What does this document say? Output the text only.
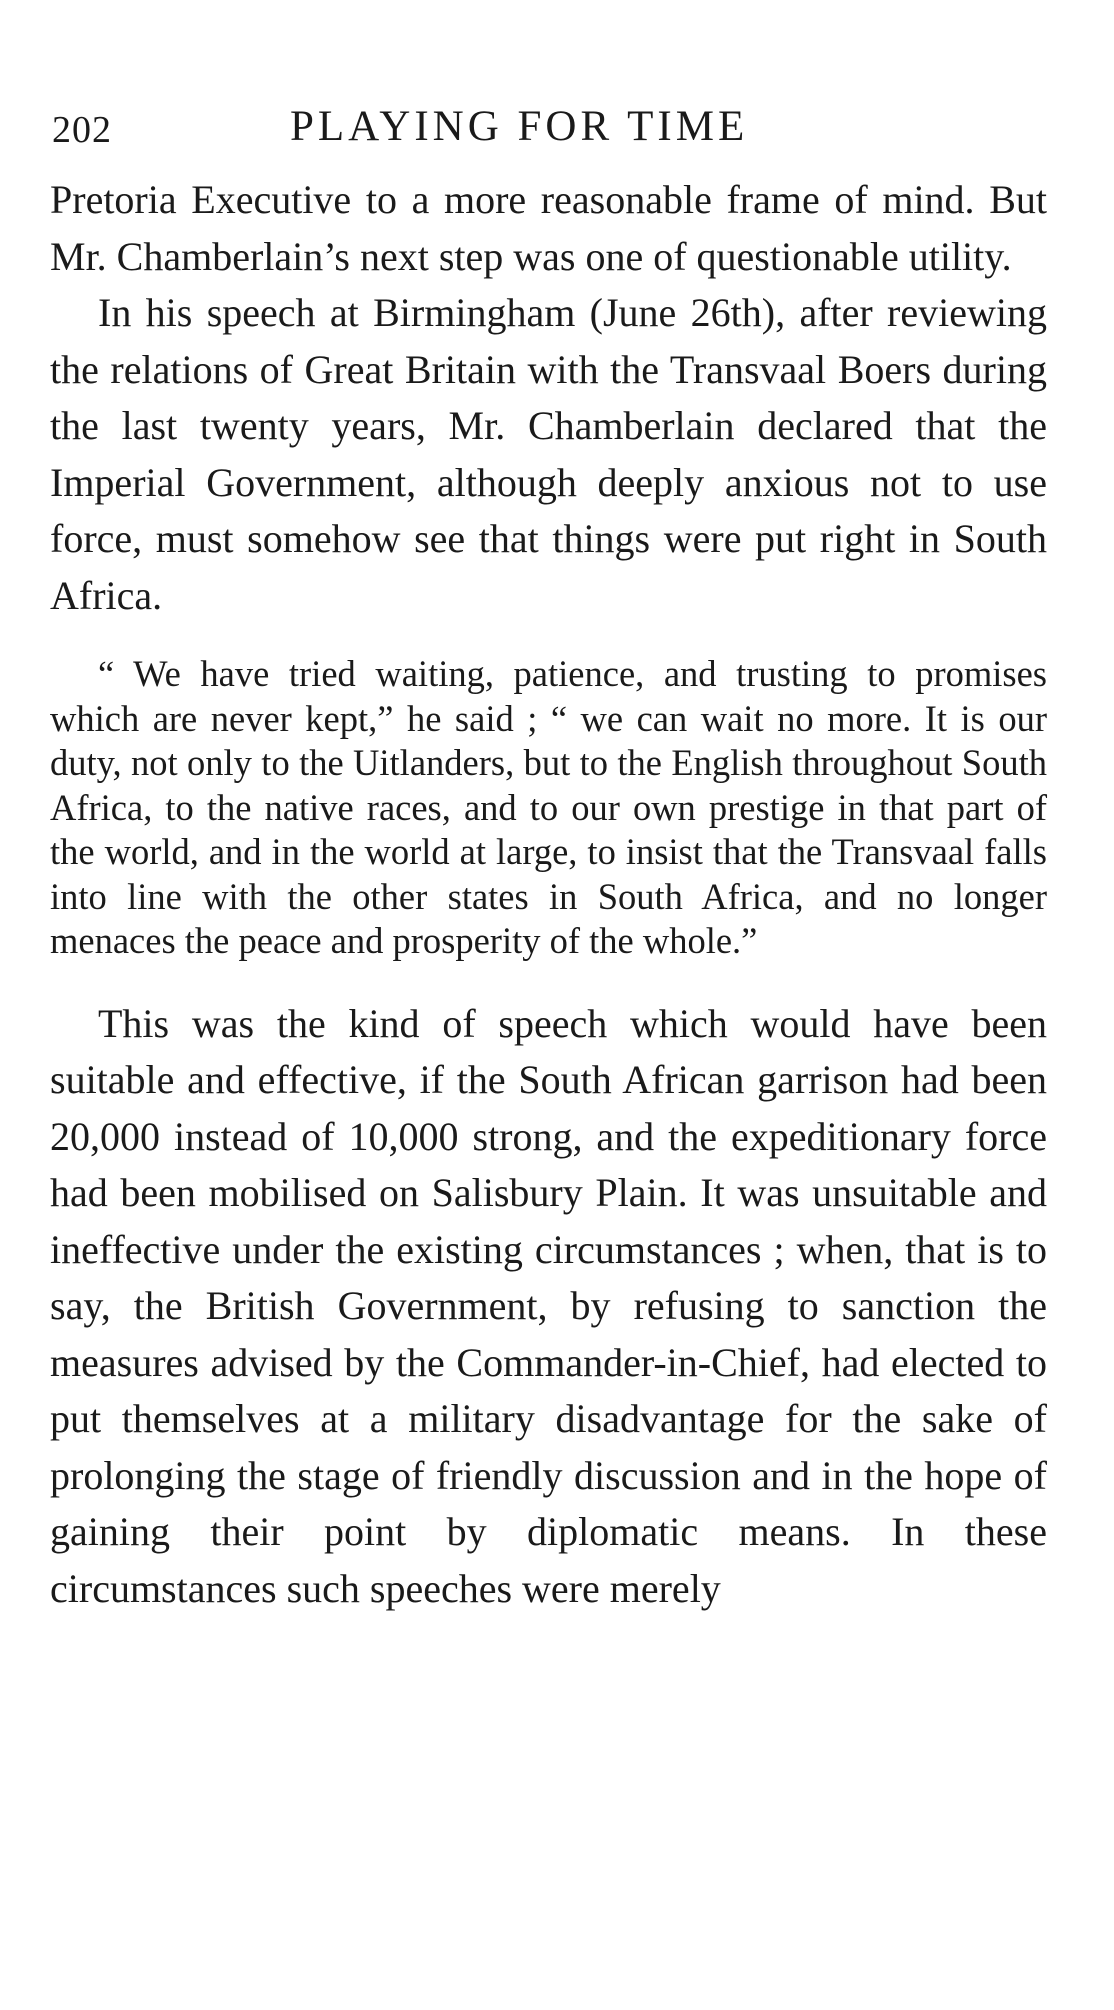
202	PLAYING FOR TIME

Pretoria Executive to a more reasonable frame of mind. But Mr. Chamberlain’s next step was one of questionable utility.

In his speech at Birmingham (June 26th), after reviewing the relations of Great Britain with the Transvaal Boers during the last twenty years, Mr. Chamberlain declared that the Imperial Government, although deeply anxious not to use force, must somehow see that things were put right in South Africa.

“ We have tried waiting, patience, and trusting to promises which are never kept,” he said ; “ we can wait no more. It is our duty, not only to the Uitlanders, but to the English throughout South Africa, to the native races, and to our own prestige in that part of the world, and in the world at large, to insist that the Transvaal falls into line with the other states in South Africa, and no longer menaces the peace and prosperity of the whole.”

This was the kind of speech which would have been suitable and effective, if the South African garrison had been 20,000 instead of 10,000 strong, and the expeditionary force had been mobilised on Salisbury Plain. It was unsuitable and ineffective under the existing circumstances ; when, that is to say, the British Government, by refusing to sanction the measures advised by the Commander-in-Chief, had elected to put themselves at a military disadvantage for the sake of prolonging the stage of friendly discussion and in the hope of gaining their point by diplomatic means. In these circumstances such speeches were merely
